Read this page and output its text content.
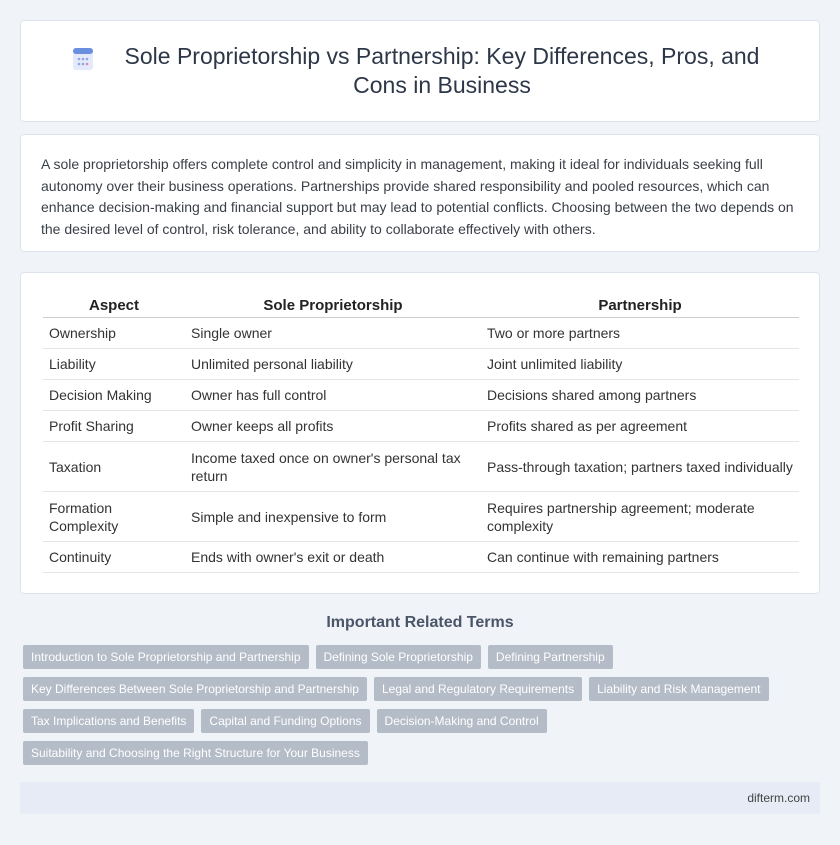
Sole Proprietorship vs Partnership: Key Differences, Pros, and Cons in Business

A sole proprietorship offers complete control and simplicity in management, making it ideal for individuals seeking full autonomy over their business operations. Partnerships provide shared responsibility and pooled resources, which can enhance decision-making and financial support but may lead to potential conflicts. Choosing between the two depends on the desired level of control, risk tolerance, and ability to collaborate effectively with others.

Aspect	Sole Proprietorship	Partnership
Ownership	Single owner	Two or more partners
Liability	Unlimited personal liability	Joint unlimited liability
Decision Making	Owner has full control	Decisions shared among partners
Profit Sharing	Owner keeps all profits	Profits shared as per agreement
Taxation	Income taxed once on owner's personal tax return	Pass-through taxation; partners taxed individually
Formation Complexity	Simple and inexpensive to form	Requires partnership agreement; moderate complexity
Continuity	Ends with owner's exit or death	Can continue with remaining partners
Important Related Terms
Introduction to Sole Proprietorship and Partnership	Defining Sole Proprietorship	Defining Partnership
Key Differences Between Sole Proprietorship and Partnership	Legal and Regulatory Requirements	Liability and Risk Management
Tax Implications and Benefits	Capital and Funding Options	Decision-Making and Control
Suitability and Choosing the Right Structure for Your Business
difterm.com
